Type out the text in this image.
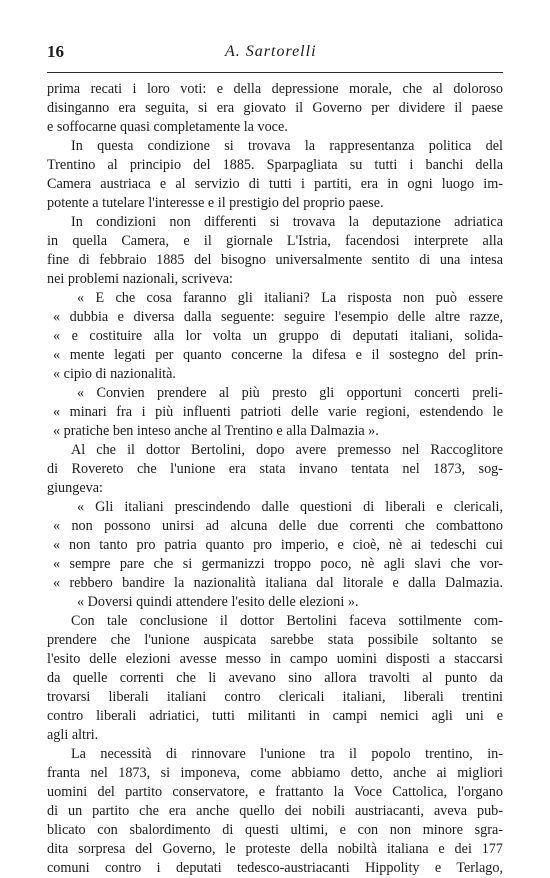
16	A. Sartorelli
prima recati i loro voti: e della depressione morale, che al doloroso
disinganno era seguita, si era giovato il Governo per dividere il paese
e soffocarne quasi completamente la voce.
In questa condizione si trovava la rappresentanza politica del
Trentino al principio del 1885. Sparpagliata su tutti i banchi della
Camera austriaca e al servizio di tutti i partiti, era in ogni luogo im-
potente a tutelare l'interesse e il prestigio del proprio paese.
In condizioni non differenti si trovava la deputazione adriatica
in quella Camera, e il giornale L'Istria, facendosi interprete alla
fine di febbraio 1885 del bisogno universalmente sentito di una intesa
nei problemi nazionali, scriveva:
« E che cosa faranno gli italiani? La risposta non può essere
« dubbia e diversa dalla seguente: seguire l'esempio delle altre razze,
« e costituire alla lor volta un gruppo di deputati italiani, solida-
« mente legati per quanto concerne la difesa e il sostegno del prin-
« cipio di nazionalità.
« Convien prendere al più presto gli opportuni concerti preli-
« minari fra i più influenti patrioti delle varie regioni, estendendo le
« pratiche ben inteso anche al Trentino e alla Dalmazia ».
Al che il dottor Bertolini, dopo avere premesso nel Raccoglitore
di Rovereto che l'unione era stata invano tentata nel 1873, sog-
giungeva:
« Gli italiani prescindendo dalle questioni di liberali e clericali,
« non possono unirsi ad alcuna delle due correnti che combattono
« non tanto pro patria quanto pro imperio, e cioè, nè ai tedeschi cui
« sempre pare che si germanizzi troppo poco, nè agli slavi che vor-
« rebbero bandire la nazionalità italiana dal litorale e dalla Dalmazia.
« Doversi quindi attendere l'esito delle elezioni ».
Con tale conclusione il dottor Bertolini faceva sottilmente com-
prendere che l'unione auspicata sarebbe stata possibile soltanto se
l'esito delle elezioni avesse messo in campo uomini disposti a staccarsi
da quelle correnti che li avevano sino allora travolti al punto da
trovarsi liberali italiani contro clericali italiani, liberali trentini
contro liberali adriatici, tutti militanti in campi nemici agli uni e
agli altri.
La necessità di rinnovare l'unione tra il popolo trentino, in-
franta nel 1873, si imponeva, come abbiamo detto, anche ai migliori
uomini del partito conservatore, e frattanto la Voce Cattolica, l'organo
di un partito che era anche quello dei nobili austriacanti, aveva pub-
blicato con sbalordimento di questi ultimi, e con non minore sgra-
dita sorpresa del Governo, le proteste della nobiltà italiana e dei 177
comuni contro i deputati tedesco-austriacanti Hippolity e Terlago,
